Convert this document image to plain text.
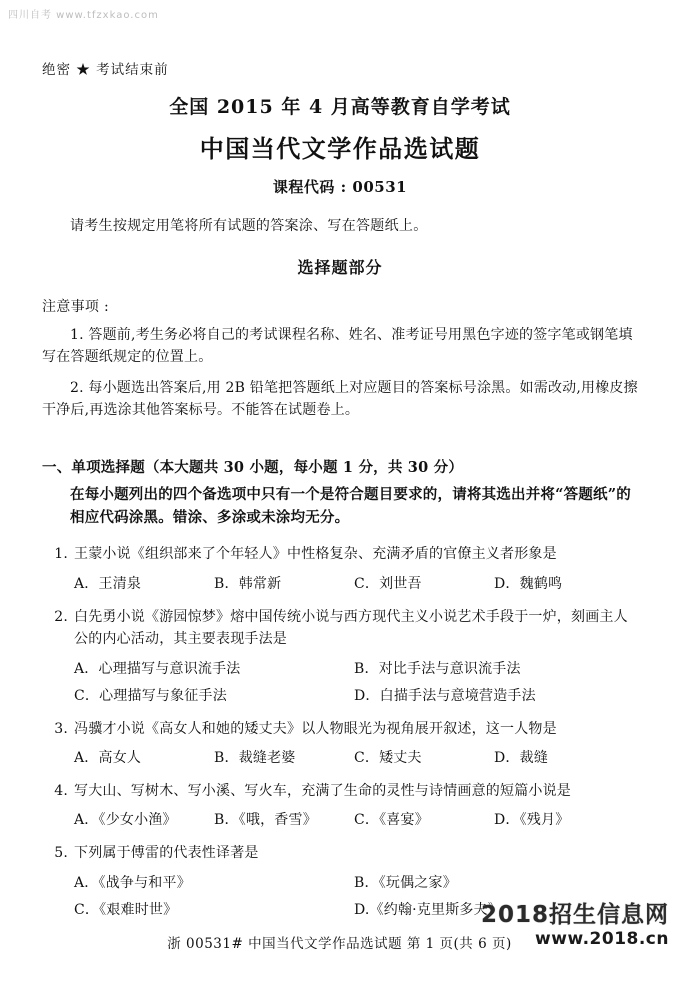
四川自考 www.tfzxkao.com
绝密 ★ 考试结束前
全国 2015 年 4 月高等教育自学考试
中国当代文学作品选试题
课程代码 : 00531
请考生按规定用笔将所有试题的答案涂、写在答题纸上。
选择题部分
注意事项 :
1. 答题前,考生务必将自己的考试课程名称、姓名、准考证号用黑色字迹的签字笔或钢笔填写在答题纸规定的位置上。
2. 每小题选出答案后,用 2B 铅笔把答题纸上对应题目的答案标号涂黑。如需改动,用橡皮擦干净后,再选涂其他答案标号。不能答在试题卷上。
一、单项选择题（本大题共 30 小题，每小题 1 分，共 30 分）
在每小题列出的四个备选项中只有一个是符合题目要求的，请将其选出并将“答题纸”的相应代码涂黑。错涂、多涂或未涂均无分。
1. 王蒙小说《组织部来了个年轻人》中性格复杂、充满矛盾的官僚主义者形象是
A．王清泉	B．韩常新	C．刘世吾	D．魏鹤鸣
2. 白先勇小说《游园惊梦》熔中国传统小说与西方现代主义小说艺术手段于一炉，刻画主人公的内心活动，其主要表现手法是
A．心理描写与意识流手法	B．对比手法与意识流手法
C．心理描写与象征手法	D．白描手法与意境营造手法
3. 冯骥才小说《高女人和她的矮丈夫》以人物眼光为视角展开叙述，这一人物是
A．高女人	B．裁缝老婆	C．矮丈夫	D．裁缝
4. 写大山、写树木、写小溪、写火车，充满了生命的灵性与诗情画意的短篇小说是
A．《少女小渔》	B．《哦，香雪》	C．《喜宴》	D．《残月》
5. 下列属于傅雷的代表性译著是
A．《战争与和平》	B．《玩偶之家》
C．《艰难时世》	D.《约翰·克里斯多夫》
浙 00531# 中国当代文学作品选试题 第 1 页(共 6 页)
2018招生信息网
www.2018.cn
